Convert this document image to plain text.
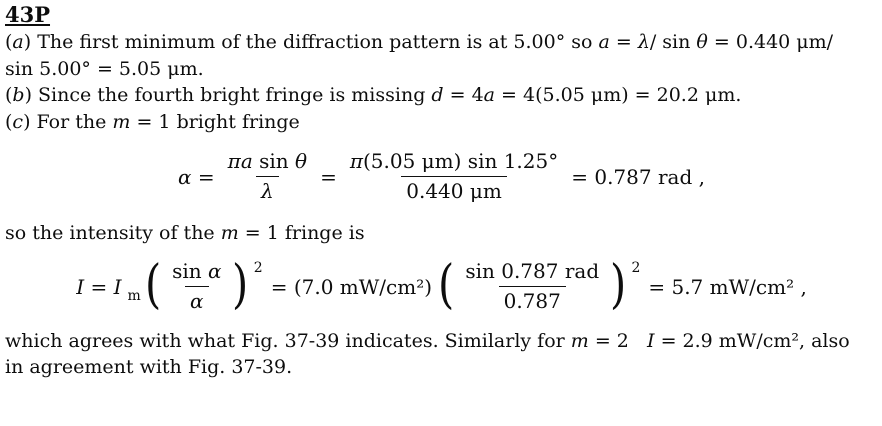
43P
(a) The first minimum of the diffraction pattern is at 5.00° so a = λ/ sin θ = 0.440 μm/
sin 5.00° = 5.05 μm.
(b) Since the fourth bright fringe is missing d = 4a = 4(5.05 μm) = 20.2 μm.
(c) For the m = 1 bright fringe
$\alpha = \frac{\text{πa sin θ}}{\lambda} = \frac{\pi(5.05 \mu m) \sin 1.25^\circ}{0.440 \mu m} = 0.787$ rad ,
so the intensity of the m = 1 fringe is
I = I m ( $\frac{\text{sin α}}{\alpha}$ ) 2
= (7.0 mW/cm²) ( $\frac{\text{sin 0.787 rad}}{0.787}$ ) 2
= 5.7 mW/cm² ,
which agrees with what Fig. 37-39 indicates. Similarly for m = 2   I = 2.9 mW/cm², also
in agreement with Fig. 37-39.
